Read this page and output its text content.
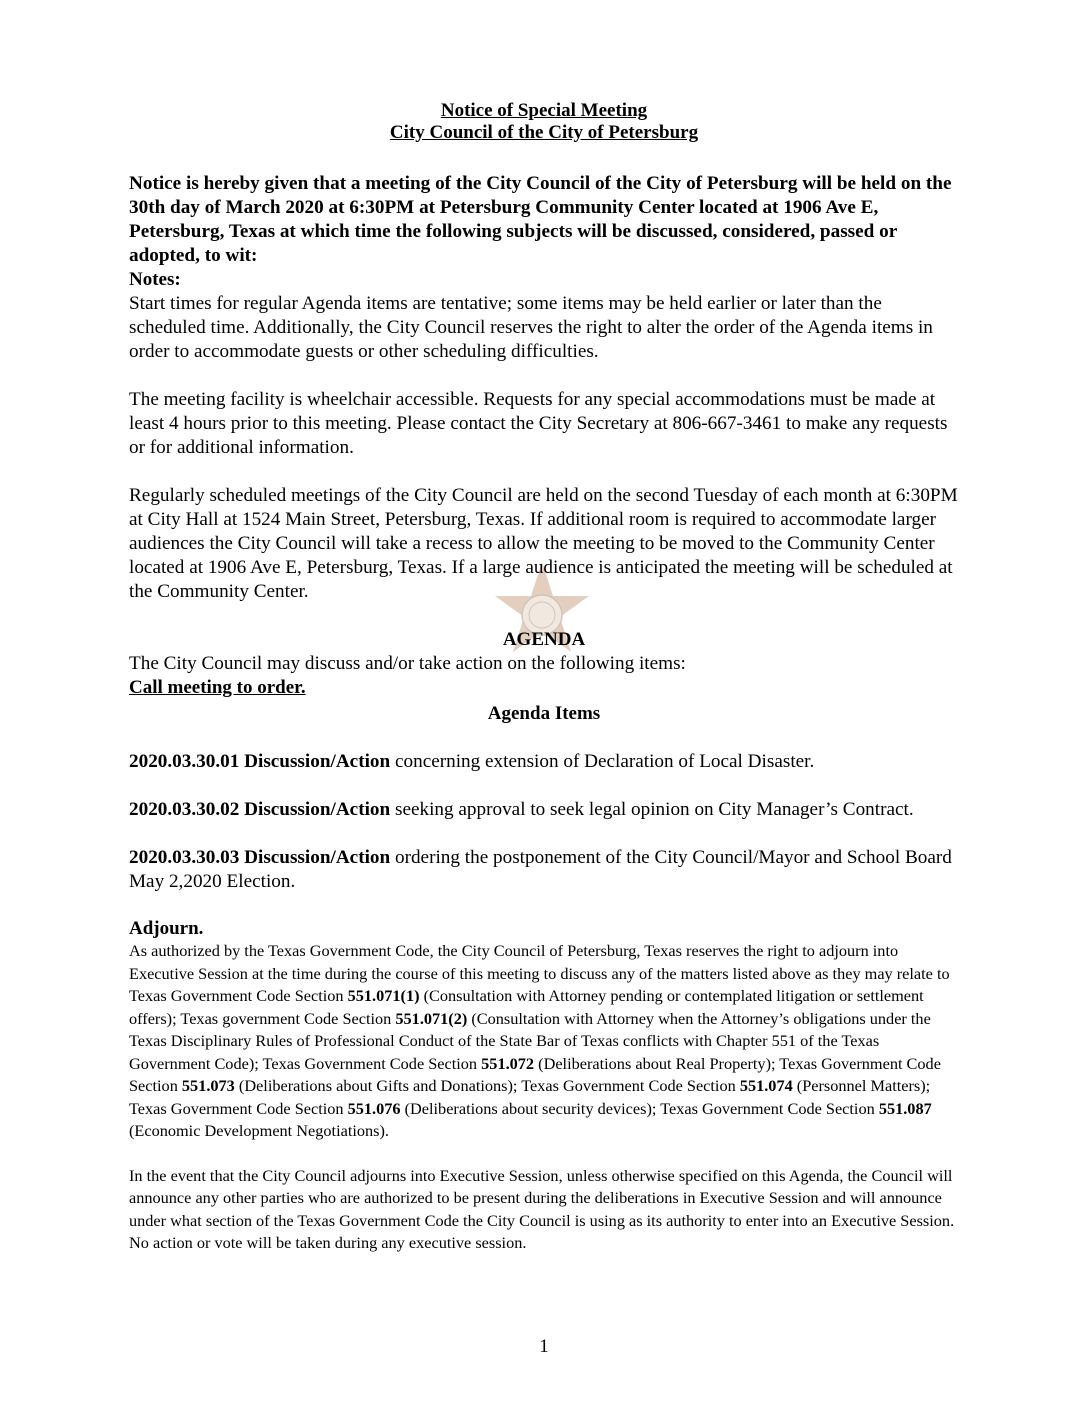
Notice of Special Meeting
City Council of the City of Petersburg
Notice is hereby given that a meeting of the City Council of the City of Petersburg will be held on the 30th day of March 2020 at 6:30PM at Petersburg Community Center located at 1906 Ave E, Petersburg, Texas at which time the following subjects will be discussed, considered, passed or adopted, to wit:
Notes:

Start times for regular Agenda items are tentative; some items may be held earlier or later than the scheduled time. Additionally, the City Council reserves the right to alter the order of the Agenda items in order to accommodate guests or other scheduling difficulties.

The meeting facility is wheelchair accessible. Requests for any special accommodations must be made at least 4 hours prior to this meeting. Please contact the City Secretary at 806-667-3461 to make any requests or for additional information.

Regularly scheduled meetings of the City Council are held on the second Tuesday of each month at 6:30PM at City Hall at 1524 Main Street, Petersburg, Texas. If additional room is required to accommodate larger audiences the City Council will take a recess to allow the meeting to be moved to the Community Center located at 1906 Ave E, Petersburg, Texas. If a large audience is anticipated the meeting will be scheduled at the Community Center.

AGENDA

The City Council may discuss and/or take action on the following items:

Call meeting to order.
Agenda Items
2020.03.30.01 Discussion/Action concerning extension of Declaration of Local Disaster.
2020.03.30.02 Discussion/Action seeking approval to seek legal opinion on City Manager’s Contract.
2020.03.30.03 Discussion/Action ordering the postponement of the City Council/Mayor and School Board May 2,2020 Election.
Adjourn.

As authorized by the Texas Government Code, the City Council of Petersburg, Texas reserves the right to adjourn into Executive Session at the time during the course of this meeting to discuss any of the matters listed above as they may relate to Texas Government Code Section 551.071(1) (Consultation with Attorney pending or contemplated litigation or settlement offers); Texas government Code Section 551.071(2) (Consultation with Attorney when the Attorney’s obligations under the Texas Disciplinary Rules of Professional Conduct of the State Bar of Texas conflicts with Chapter 551 of the Texas Government Code); Texas Government Code Section 551.072 (Deliberations about Real Property); Texas Government Code Section 551.073 (Deliberations about Gifts and Donations); Texas Government Code Section 551.074 (Personnel Matters); Texas Government Code Section 551.076 (Deliberations about security devices); Texas Government Code Section 551.087 (Economic Development Negotiations).

In the event that the City Council adjourns into Executive Session, unless otherwise specified on this Agenda, the Council will announce any other parties who are authorized to be present during the deliberations in Executive Session and will announce under what section of the Texas Government Code the City Council is using as its authority to enter into an Executive Session. No action or vote will be taken during any executive session.

1
